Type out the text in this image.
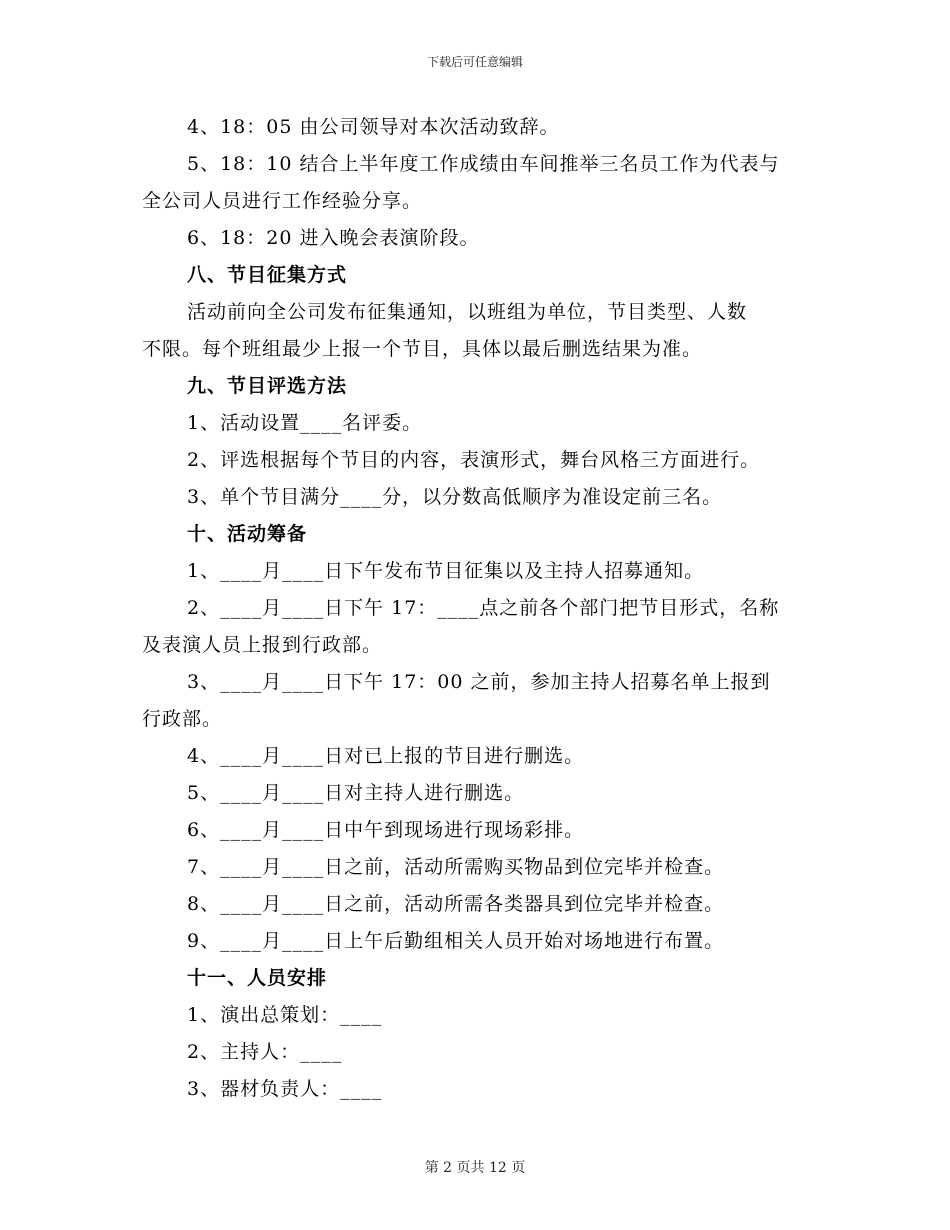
下载后可任意编辑
4、18：05 由公司领导对本次活动致辞。
5、18：10 结合上半年度工作成绩由车间推举三名员工作为代表与
全公司人员进行工作经验分享。
6、18：20 进入晚会表演阶段。
八、节目征集方式
活动前向全公司发布征集通知，以班组为单位，节目类型、人数
不限。每个班组最少上报一个节目，具体以最后删选结果为准。
九、节目评选方法
1、活动设置____名评委。
2、评选根据每个节目的内容，表演形式，舞台风格三方面进行。
3、单个节目满分____分，以分数高低顺序为准设定前三名。
十、活动筹备
1、____月____日下午发布节目征集以及主持人招募通知。
2、____月____日下午 17：____点之前各个部门把节目形式，名称
及表演人员上报到行政部。
3、____月____日下午 17：00 之前，参加主持人招募名单上报到
行政部。
4、____月____日对已上报的节目进行删选。
5、____月____日对主持人进行删选。
6、____月____日中午到现场进行现场彩排。
7、____月____日之前，活动所需购买物品到位完毕并检查。
8、____月____日之前，活动所需各类器具到位完毕并检查。
9、____月____日上午后勤组相关人员开始对场地进行布置。
十一、人员安排
1、演出总策划：____
2、主持人：____
3、器材负责人：____
第 2 页共 12 页
